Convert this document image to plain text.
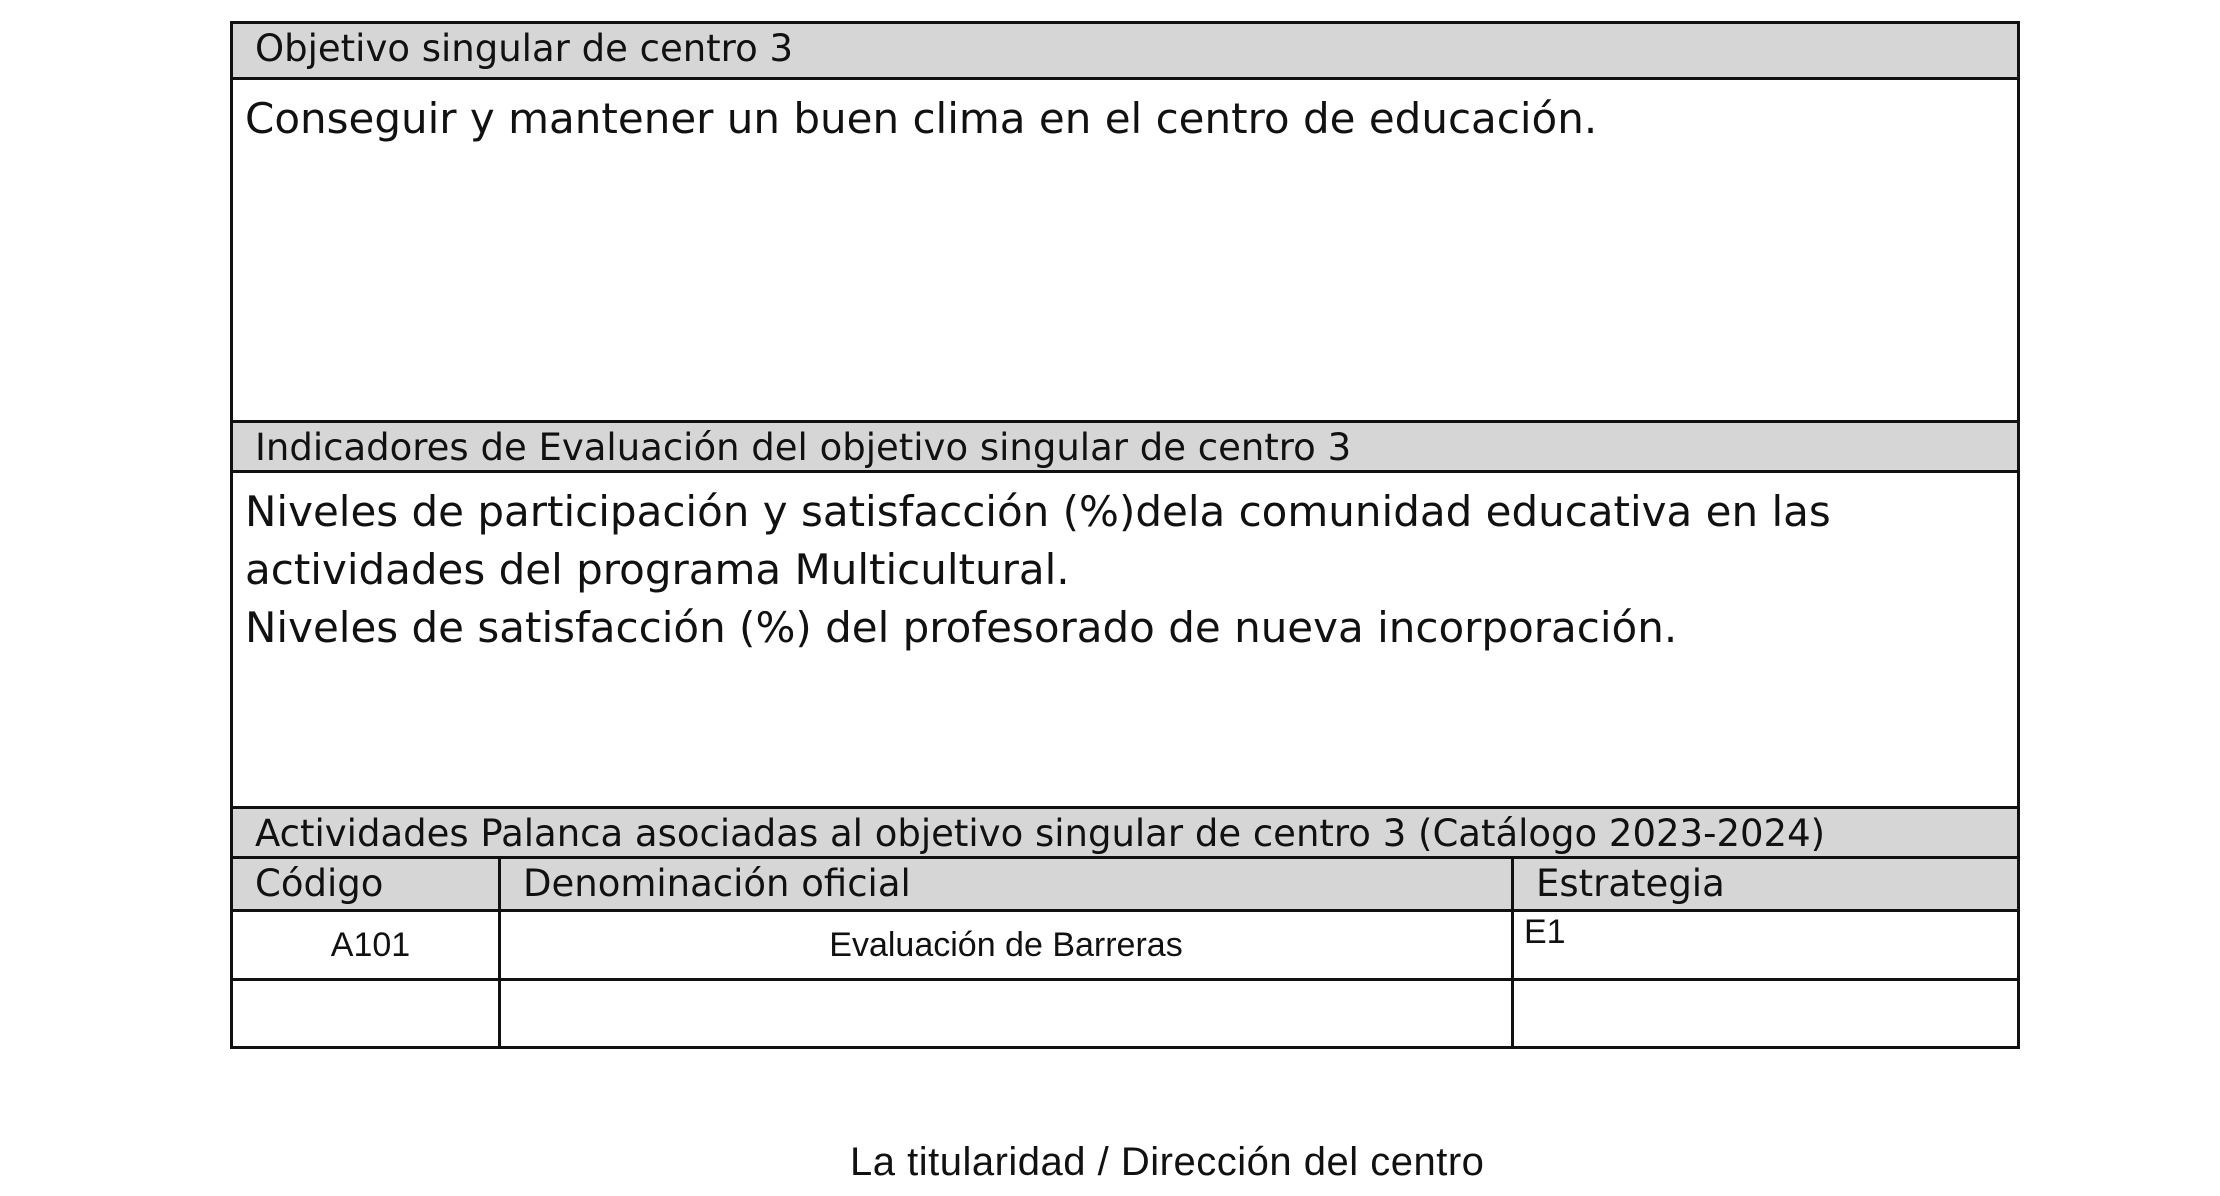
Objetivo singular de centro 3

Conseguir y mantener un buen clima en el centro de educación.

Indicadores de Evaluación del objetivo singular de centro 3

Niveles de participación y satisfacción (%)dela comunidad educativa en las actividades del programa Multicultural.

Niveles de satisfacción (%) del profesorado de nueva incorporación.

Actividades Palanca asociadas al objetivo singular de centro 3 (Catálogo 2023-2024)
Código	Denominación oficial	Estrategia
A101	Evaluación de Barreras	E1
La titularidad / Dirección del centro
